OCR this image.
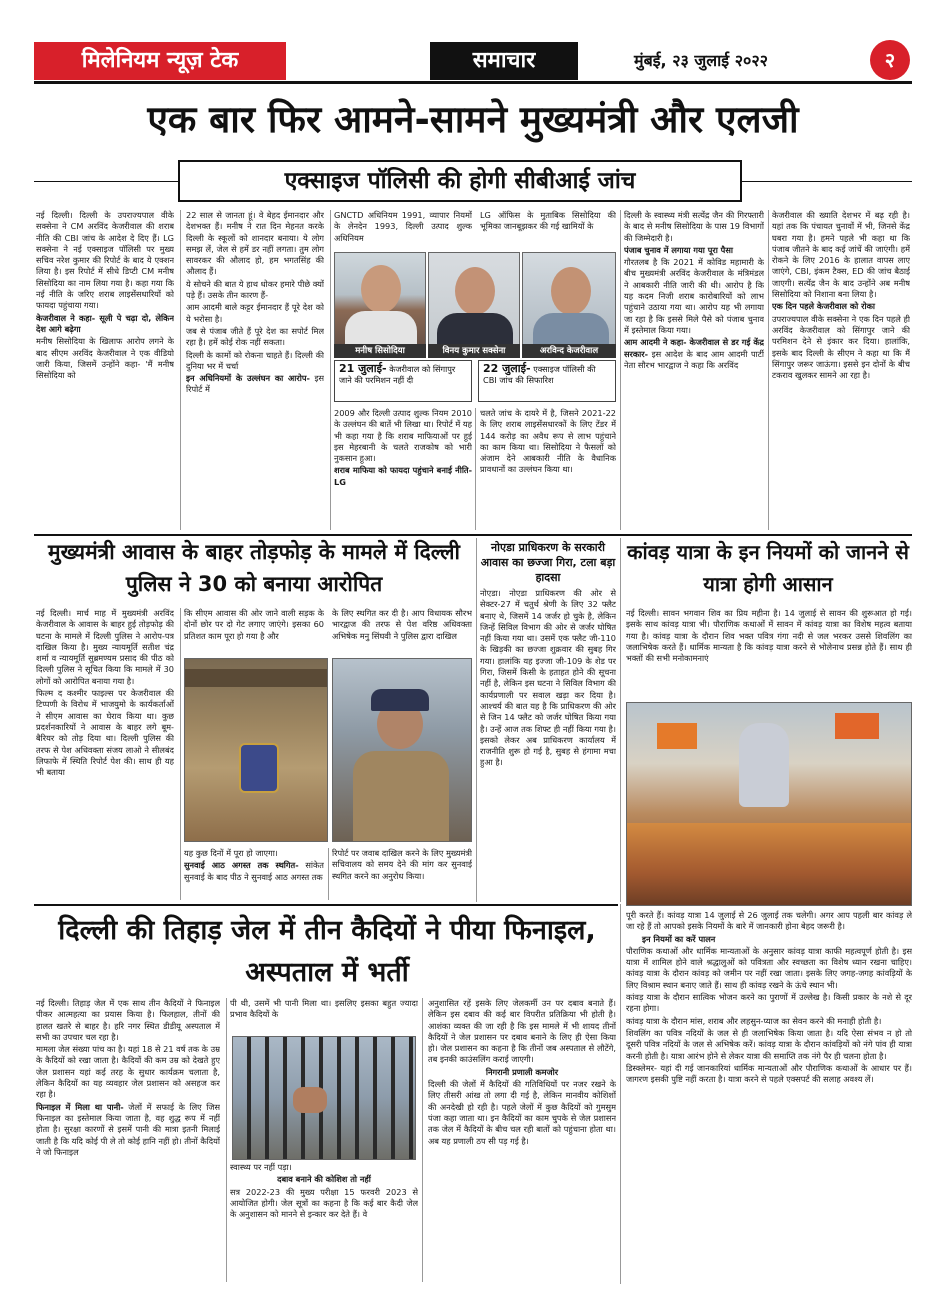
मिलेनियम न्यूज़ टेक	समाचार	मुंबई, २३ जुलाई २०२२	२
एक बार फिर आमने-सामने मुख्यमंत्री और एलजी
एक्साइज पॉलिसी की होगी सीबीआई जांच

नई दिल्ली। दिल्ली के उपराज्यपाल वीके सक्सेना ने CM अरविंद केजरीवाल की शराब नीति की CBI जांच के आदेश दे दिए हैं। LG सक्सेना ने नई एक्साइज पॉलिसी पर मुख्य सचिव नरेश कुमार की रिपोर्ट के बाद ये एक्शन लिया है। इस रिपोर्ट में सीधे डिप्टी CM मनीष सिसोदिया का नाम लिया गया है। कहा गया कि नई नीति के जरिए शराब लाइसेंसधारियों को फायदा पहुंचाया गया।

केजरीवाल ने कहा- सूली पे चढ़ा दो, लेकिन देश आगे बढ़ेगा

मनीष सिसोदिया के खिलाफ आरोप लगने के बाद सीएम अरविंद केजरीवाल ने एक वीडियो जारी किया, जिसमें उन्होंने कहा- 'मैं मनीष सिसोदिया को

22 साल से जानता हूं। वे बेहद ईमानदार और देशभक्त हैं। मनीष ने रात दिन मेहनत करके दिल्ली के स्कूलों को शानदार बनाया। ये लोग समझ लें, जेल से हमें डर नहीं लगता। तुम लोग सावरकर की औलाद हो, हम भगतसिंह की औलाद हैं।

ये सोचने की बात ये हाथ धोकर हमारे पीछे क्यों पड़े हैं। उसके तीन कारण हैं-

आम आदमी बाले कट्टर ईमानदार हैं पूरे देश को ये भरोसा है।

जब से पंजाब जीते हैं पूरे देश का सपोर्ट मिल रहा है। हमें कोई रोक नहीं सकता।

दिल्ली के कामों को रोकना चाहते हैं। दिल्ली की दुनिया भर में चर्चा

इन अधिनियमों के उल्लंघन का आरोप- इस रिपोर्ट में

GNCTD अधिनियम 1991, व्यापार नियमों के लेनदेन 1993, दिल्ली उत्पाद शुल्क अधिनियम

LG ऑफिस के मुताबिक सिसोदिया की भूमिका जानबूझकर की गई खामियों के

मनीष सिसोदिया	विनय कुमार सक्सेना	अरविन्द केजरीवाल
21 जुलाई- केजरीवाल को सिंगापुर जाने की परमिशन नहीं दी
22 जुलाई- एक्साइज पॉलिसी की CBI जांच की सिफारिश

2009 और दिल्ली उत्पाद शुल्क नियम 2010 के उल्लंघन की बातें भी लिखा था। रिपोर्ट में यह भी कहा गया है कि शराब माफियाओं पर हुई इस मेहरबानी के चलते राजकोष को भारी नुकसान हुआ।

शराब माफिया को फायदा पहुंचाने बनाई नीति- LG

चलते जांच के दायरे में है, जिसने 2021-22 के लिए शराब लाइसेंसधारकों के लिए टेंडर में 144 करोड़ का अवैध रूप से लाभ पहुंचाने का काम किया था। सिसोदिया ने फैसलों को अंजाम देने आबकारी नीति के वैधानिक प्रावधानों का उल्लंघन किया था।

दिल्ली के स्वास्थ्य मंत्री सत्येंद्र जैन की गिरफ्तारी के बाद से मनीष सिसोदिया के पास 19 विभागों की जिम्मेदारी है।

पंजाब चुनाव में लगाया गया पूरा पैसा

गौरतलब है कि 2021 में कोविड महामारी के बीच मुख्यमंत्री अरविंद केजरीवाल के मंत्रिमंडल ने आबकारी नीति जारी की थी। आरोप है कि यह कदम निजी शराब कारोबारियों को लाभ पहुंचाने उठाया गया था। आरोप यह भी लगाया जा रहा है कि इससे मिले पैसे को पंजाब चुनाव में इस्तेमाल किया गया।

आम आदमी ने कहा- केजरीवाल से डर गई केंद्र सरकार- इस आदेश के बाद आम आदमी पार्टी नेता सौरभ भारद्वाज ने कहा कि अरविंद

केजरीवाल की ख्याति देशभर में बढ़ रही है। यहां तक कि पंचायत चुनावों में भी, जिनसे केंद्र घबरा गया है। हमने पहले भी कहा था कि पंजाब जीतने के बाद कई जांचें की जाएंगी। हमें रोकने के लिए 2016 के हालात वापस लाए जाएंगे, CBI, इंकम टैक्स, ED की जांच बैठाई जाएगी। सत्येंद्र जैन के बाद उन्होंने अब मनीष सिसोदिया को निशाना बना लिया है।

एक दिन पहले केजरीवाल को रोका

उपराज्यपाल वीके सक्सेना ने एक दिन पहले ही अरविंद केजरीवाल को सिंगापुर जाने की परमिशन देने से इंकार कर दिया। हालांकि, इसके बाद दिल्ली के सीएम ने कहा था कि मैं सिंगापुर जरूर जाऊंगा। इससे इन दोनों के बीच टकराव खुलकर सामने आ रहा है।

मुख्यमंत्री आवास के बाहर तोड़फोड़ के मामले में दिल्ली पुलिस ने 30 को बनाया आरोपित

नई दिल्ली। मार्च माह में मुख्यमंत्री अरविंद केजरीवाल के आवास के बाहर हुई तोड़फोड़ की घटना के मामले में दिल्ली पुलिस ने आरोप-पत्र दाखिल किया है। मुख्य न्यायमूर्ति सतीश चंद्र शर्मा व न्यायमूर्ति सुब्रमण्यम प्रसाद की पीठ को दिल्ली पुलिस ने सूचित किया कि मामले में 30 लोगों को आरोपित बनाया गया है।

फिल्म द कश्मीर फाइल्स पर केजरीवाल की टिप्पणी के विरोध में भाजयुमो के कार्यकर्ताओं ने सीएम आवास का घेराव किया था। कुछ प्रदर्शनकारियों ने आवास के बाहर लगे बूम-बैरियर को तोड़ दिया था। दिल्ली पुलिस की तरफ से पेश अधिवक्ता संजय लाओ ने सीलबंद लिफाफे में स्थिति रिपोर्ट पेश की। साथ ही यह भी बताया

कि सीएम आवास की ओर जाने वाली सड़क के दोनों छोर पर दो गेट लगाए जाएंगे। इसका 60 प्रतिशत काम पूरा हो गया है और

के लिए स्थगित कर दी है। आप विधायक सौरभ भारद्वाज की तरफ से पेश वरिष्ठ अधिवक्ता अभिषेक मनु सिंघवी ने पुलिस द्वारा दाखिल

यह कुछ दिनों में पूरा हो जाएगा।

सुनवाई आठ अगस्त तक स्थगित- सांकेत सुनवाई के बाद पीठ ने सुनवाई आठ अगस्त तक

रिपोर्ट पर जवाब दाखिल करने के लिए मुख्यमंत्री सचिवालय को समय देने की मांग कर सुनवाई स्थगित करने का अनुरोध किया।

नोएडा प्राधिकरण के सरकारी आवास का छज्जा गिरा, टला बड़ा हादसा

नोएडा। नोएडा प्राधिकरण की ओर से सेक्टर-27 में चतुर्थ श्रेणी के लिए 32 फ्लैट बनाए थे, जिसमें 14 जर्जर हो चुके है, लेकिन जिन्हें सिविल विभाग की ओर से जर्जर घोषित नहीं किया गया था। उसमें एक फ्लैट जी-110 के खिड़की का छज्जा शुक्रवार की सुबह गिर गया। हालांकि यह इज्जा जी-109 के शेड पर गिरा, जिसमें किसी के हताहत होने की सूचना नहीं है, लेकिन इस घटना ने सिविल विभाग की कार्यप्रणाली पर सवाल खड़ा कर दिया है। आश्चर्य की बात यह है कि प्राधिकरण की ओर से जिन 14 फ्लैट को जर्जर घोषित किया गया है। उन्हें आज तक शिफ्ट ही नहीं किया गया है। इसको लेकर अब प्राधिकरण कार्यालय में राजनीति शुरू हो गई है, सुबह से हंगामा मचा हुआ है।

कांवड़ यात्रा के इन नियमों को जानने से यात्रा होगी आसान

नई दिल्ली। सावन भगवान शिव का प्रिय महीना है। 14 जुलाई से सावन की शुरूआत हो गई। इसके साथ कांवड़ यात्रा भी। पौराणिक कथाओं में सावन में कांवड़ यात्रा का विशेष महत्व बताया गया है। कांवड़ यात्रा के दौरान शिव भक्त पवित्र गंगा नदी से जल भरकर उससे शिवलिंग का जलाभिषेक करते हैं। धार्मिक मान्यता है कि कांवड़ यात्रा करने से भोलेनाथ प्रसन्न होते हैं। साथ ही भक्तों की सभी मनोकामनाएं

पूरी करते हैं। कांवड़ यात्रा 14 जुलाई से 26 जुलाई तक चलेगी। अगर आप पहली बार कांवड़ ले जा रहे हैं तो आपको इसके नियमों के बारे में जानकारी होना बेहद जरूरी है।

इन नियमों का करें पालन

पौराणिक कथाओं और धार्मिक मान्यताओं के अनुसार कांवड़ यात्रा काफी महत्वपूर्ण होती है। इस यात्रा में शामिल होने वाले श्रद्धालुओं को पवित्रता और स्वच्छता का विशेष ध्यान रखना चाहिए। कांवड़ यात्रा के दौरान कांवड़ को जमीन पर नहीं रखा जाता। इसके लिए जगह-जगह कांवड़ियों के लिए विश्राम स्थान बनाए जाते हैं। साथ ही कांवड़ रखने के ऊंचे स्थान भी।

कांवड़ यात्रा के दौरान सात्विक भोजन करने का पुराणों में उल्लेख है। किसी प्रकार के नशे से दूर रहना होगा।

कांवड़ यात्रा के दौरान मांस, शराब और लहसुन-प्याज का सेवन करने की मनाही होती है।

शिवलिंग का पवित्र नदियों के जल से ही जलाभिषेक किया जाता है। यदि ऐसा संभव न हो तो दूसरी पवित्र नदियों के जल से अभिषेक करें। कांवड़ यात्रा के दौरान कांवड़ियों को नंगे पांव ही यात्रा करनी होती है। यात्रा आरंभ होने से लेकर यात्रा की समाप्ति तक नंगे पैर ही चलना होता है।

डिस्क्लेमर- यहां दी गई जानकारियां धार्मिक मान्यताओं और पौराणिक कथाओं के आधार पर हैं। जागरण इसकी पुष्टि नहीं करता है। यात्रा करने से पहले एक्सपर्ट की सलाह अवश्य लें।

दिल्ली की तिहाड़ जेल में तीन कैदियों ने पीया फिनाइल, अस्पताल में भर्ती

नई दिल्ली। तिहाड़ जेल में एक साथ तीन कैदियों ने फिनाइल पीकर आत्महत्या का प्रयास किया है। फिलहाल, तीनों की हालत खतरे से बाहर है। हरि नगर स्थित डीडीयू अस्पताल में सभी का उपचार चल रहा है।

मामला जेल संख्या पांच का है। यहां 18 से 21 वर्ष तक के उम्र के कैदियों को रखा जाता है। कैदियों की कम उम्र को देखते हुए जेल प्रशासन यहां कई तरह के सुधार कार्यक्रम चलाता है, लेकिन कैदियों का यह व्यवहार जेल प्रशासन को असहज कर रहा है।

फिनाइल में मिला था पानी- जेलों में सफाई के लिए जिस फिनाइल का इस्तेमाल किया जाता है, वह शुद्ध रूप में नहीं होता है। सुरक्षा कारणों से इसमें पानी की मात्रा इतनी मिलाई जाती है कि यदि कोई पी ले तो कोई हानि नहीं हो। तीनों कैदियों ने जो फिनाइल

पी थी, उसमें भी पानी मिला था। इसलिए इसका बहुत ज्यादा प्रभाव कैदियों के

स्वास्थ्य पर नहीं पड़ा।

दबाव बनाने की कोशिश तो नहीं

सत्र 2022-23 की मुख्य परीक्षा 15 फरवरी 2023 से आयोजित होगी। जेल सूत्रों का कहना है कि कई बार कैदी जेल के अनुशासन को मानने से इन्कार कर देते हैं। वे

अनुशासित रहें इसके लिए जेलकर्मी उन पर दबाव बनाते हैं। लेकिन इस दबाव की कई बार विपरीत प्रतिक्रिया भी होती है। आशंका व्यक्त की जा रही है कि इस मामले में भी शायद तीनों कैदियों ने जेल प्रशासन पर दबाव बनाने के लिए ही ऐसा किया हो। जेल प्रशासन का कहना है कि तीनों जब अस्पताल से लौटेंगे, तब इनकी काउंसलिंग कराई जाएगी।

निगरानी प्रणाली कमजोर

दिल्ली की जेलों में कैदियों की गतिविधियों पर नजर रखने के लिए तीसरी आंख तो लगा दी गई है, लेकिन मानवीय कोशिशों की अनदेखी हो रही है। पहले जेलों में कुछ कैदियों को गुमसुम पंजा कहा जाता था। इन कैदियों का काम चुपके से जेल प्रशासन तक जेल में कैदियों के बीच चल रही बातों को पहुंचाना होता था। अब यह प्रणाली ठप सी पड़ गई है।
